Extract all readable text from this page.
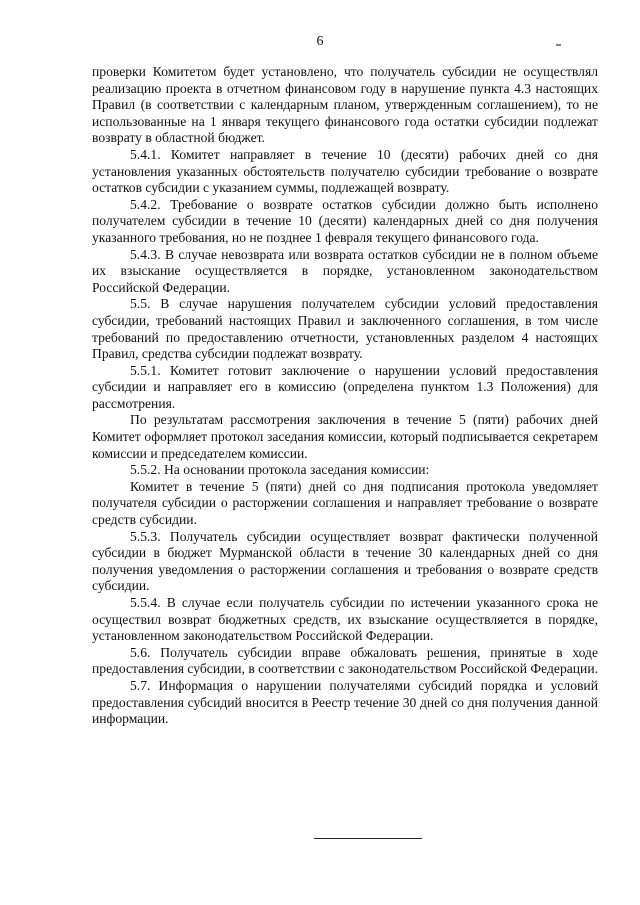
6

проверки Комитетом будет установлено, что получатель субсидии не осуществлял реализацию проекта в отчетном финансовом году в нарушение пункта 4.3 настоящих Правил (в соответствии с календарным планом, утвержденным соглашением), то не использованные на 1 января текущего финансового года остатки субсидии подлежат возврату в областной бюджет.

5.4.1. Комитет направляет в течение 10 (десяти) рабочих дней со дня установления указанных обстоятельств получателю субсидии требование о возврате остатков субсидии с указанием суммы, подлежащей возврату.

5.4.2. Требование о возврате остатков субсидии должно быть исполнено получателем субсидии в течение 10 (десяти) календарных дней со дня получения указанного требования, но не позднее 1 февраля текущего финансового года.

5.4.3. В случае невозврата или возврата остатков субсидии не в полном объеме их взыскание осуществляется в порядке, установленном законодательством Российской Федерации.

5.5. В случае нарушения получателем субсидии условий предоставления субсидии, требований настоящих Правил и заключенного соглашения, в том числе требований по предоставлению отчетности, установленных разделом 4 настоящих Правил, средства субсидии подлежат возврату.

5.5.1. Комитет готовит заключение о нарушении условий предоставления субсидии и направляет его в комиссию (определена пунктом 1.3 Положения) для рассмотрения.

По результатам рассмотрения заключения в течение 5 (пяти) рабочих дней Комитет оформляет протокол заседания комиссии, который подписывается секретарем комиссии и председателем комиссии.

5.5.2. На основании протокола заседания комиссии:

Комитет в течение 5 (пяти) дней со дня подписания протокола уведомляет получателя субсидии о расторжении соглашения и направляет требование о возврате средств субсидии.

5.5.3. Получатель субсидии осуществляет возврат фактически полученной субсидии в бюджет Мурманской области в течение 30 календарных дней со дня получения уведомления о расторжении соглашения и требования о возврате средств субсидии.

5.5.4. В случае если получатель субсидии по истечении указанного срока не осуществил возврат бюджетных средств, их взыскание осуществляется в порядке, установленном законодательством Российской Федерации.

5.6. Получатель субсидии вправе обжаловать решения, принятые в ходе предоставления субсидии, в соответствии с законодательством Российской Федерации.

5.7. Информация о нарушении получателями субсидий порядка и условий предоставления субсидий вносится в Реестр течение 30 дней со дня получения данной информации.
